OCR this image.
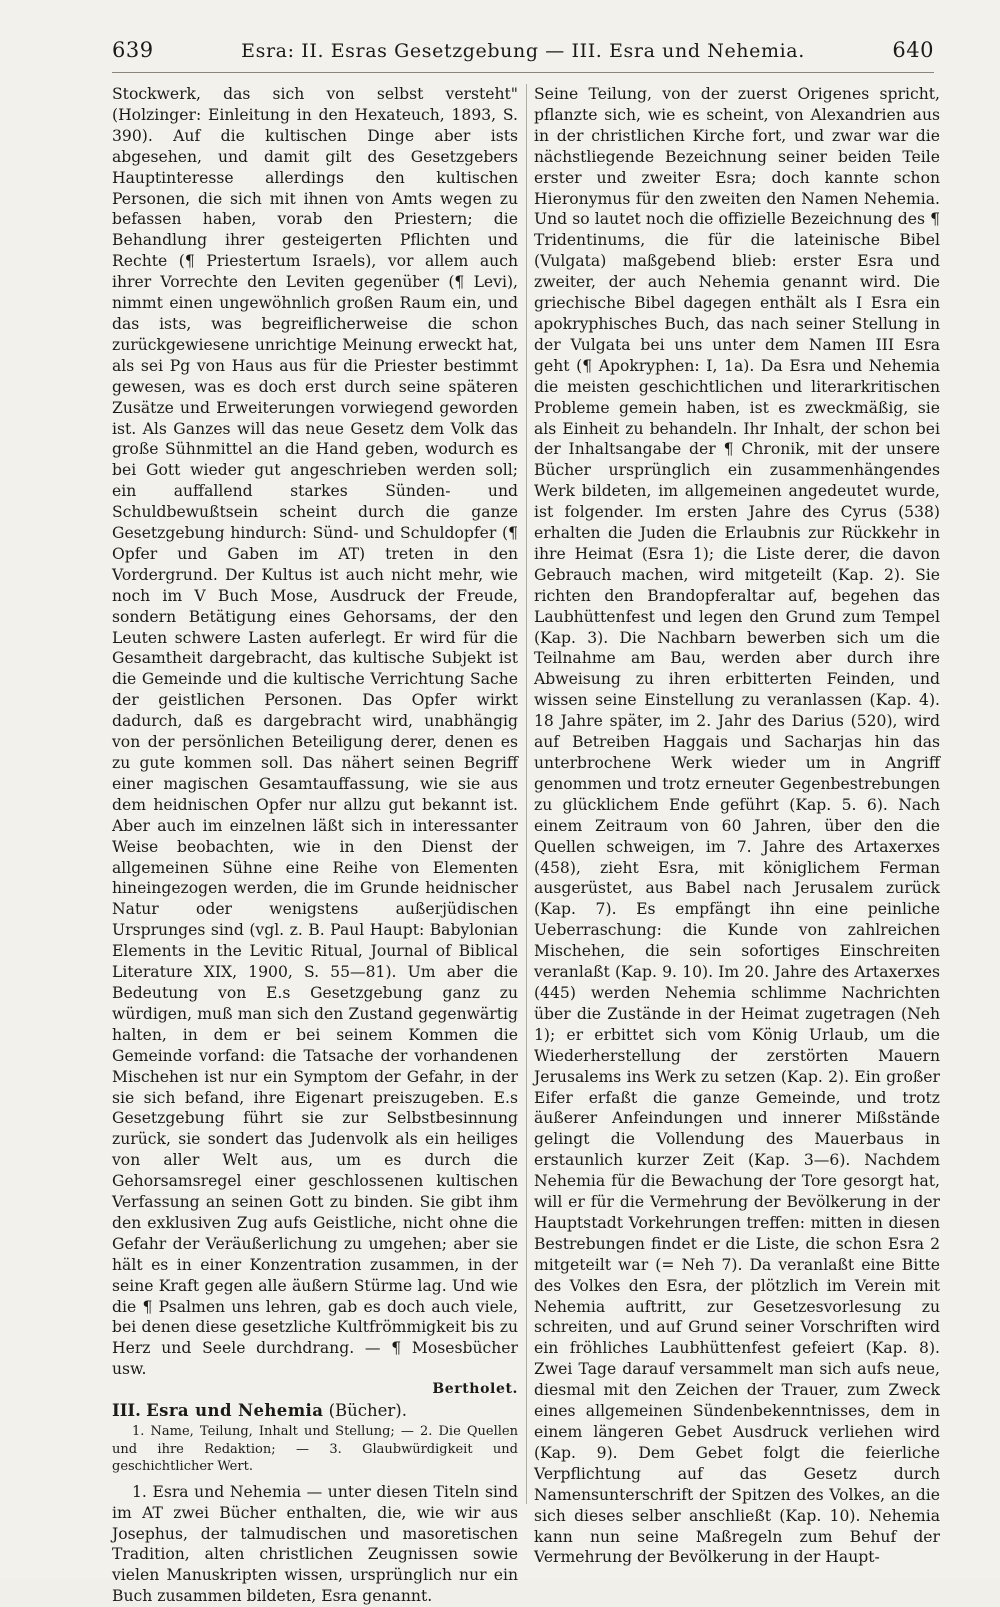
639	Esra: II. Esras Gesetzgebung — III. Esra und Nehemia.	640

Stockwerk, das sich von selbst versteht" (Holzinger: Einleitung in den Hexateuch, 1893, S. 390). Auf die kultischen Dinge aber ists abgesehen, und damit gilt des Gesetzgebers Hauptinteresse allerdings den kultischen Personen, die sich mit ihnen von Amts wegen zu befassen haben, vorab den Priestern; die Behandlung ihrer gesteigerten Pflichten und Rechte (¶ Priestertum Israels), vor allem auch ihrer Vorrechte den Leviten gegenüber (¶ Levi), nimmt einen ungewöhnlich großen Raum ein, und das ists, was begreiflicherweise die schon zurückgewiesene unrichtige Meinung erweckt hat, als sei Pg von Haus aus für die Priester bestimmt gewesen, was es doch erst durch seine späteren Zusätze und Erweiterungen vorwiegend geworden ist. Als Ganzes will das neue Gesetz dem Volk das große Sühnmittel an die Hand geben, wodurch es bei Gott wieder gut angeschrieben werden soll; ein auffallend starkes Sünden- und Schuldbewußtsein scheint durch die ganze Gesetzgebung hindurch: Sünd- und Schuldopfer (¶ Opfer und Gaben im AT) treten in den Vordergrund. Der Kultus ist auch nicht mehr, wie noch im V Buch Mose, Ausdruck der Freude, sondern Betätigung eines Gehorsams, der den Leuten schwere Lasten auferlegt. Er wird für die Gesamtheit dargebracht, das kultische Subjekt ist die Gemeinde und die kultische Verrichtung Sache der geistlichen Personen. Das Opfer wirkt dadurch, daß es dargebracht wird, unabhängig von der persönlichen Beteiligung derer, denen es zu gute kommen soll. Das nähert seinen Begriff einer magischen Gesamtauffassung, wie sie aus dem heidnischen Opfer nur allzu gut bekannt ist. Aber auch im einzelnen läßt sich in interessanter Weise beobachten, wie in den Dienst der allgemeinen Sühne eine Reihe von Elementen hineingezogen werden, die im Grunde heidnischer Natur oder wenigstens außerjüdischen Ursprunges sind (vgl. z. B. Paul Haupt: Babylonian Elements in the Levitic Ritual, Journal of Biblical Literature XIX, 1900, S. 55—81). Um aber die Bedeutung von E.s Gesetzgebung ganz zu würdigen, muß man sich den Zustand gegenwärtig halten, in dem er bei seinem Kommen die Gemeinde vorfand: die Tatsache der vorhandenen Mischehen ist nur ein Symptom der Gefahr, in der sie sich befand, ihre Eigenart preiszugeben. E.s Gesetzgebung führt sie zur Selbstbesinnung zurück, sie sondert das Judenvolk als ein heiliges von aller Welt aus, um es durch die Gehorsamsregel einer geschlossenen kultischen Verfassung an seinen Gott zu binden. Sie gibt ihm den exklusiven Zug aufs Geistliche, nicht ohne die Gefahr der Veräußerlichung zu umgehen; aber sie hält es in einer Konzentration zusammen, in der seine Kraft gegen alle äußern Stürme lag. Und wie die ¶ Psalmen uns lehren, gab es doch auch viele, bei denen diese gesetzliche Kultfrömmigkeit bis zu Herz und Seele durchdrang. — ¶ Mosesbücher usw.

Bertholet.

III. Esra und Nehemia (Bücher).

1. Name, Teilung, Inhalt und Stellung; — 2. Die Quellen und ihre Redaktion; — 3. Glaubwürdigkeit und geschichtlicher Wert.

1. Esra und Nehemia — unter diesen Titeln sind im AT zwei Bücher enthalten, die, wie wir aus Josephus, der talmudischen und masoretischen Tradition, alten christlichen Zeugnissen sowie vielen Manuskripten wissen, ursprünglich nur ein Buch zusammen bildeten, Esra genannt.

Seine Teilung, von der zuerst Origenes spricht, pflanzte sich, wie es scheint, von Alexandrien aus in der christlichen Kirche fort, und zwar war die nächstliegende Bezeichnung seiner beiden Teile erster und zweiter Esra; doch kannte schon Hieronymus für den zweiten den Namen Nehemia. Und so lautet noch die offizielle Bezeichnung des ¶ Tridentinums, die für die lateinische Bibel (Vulgata) maßgebend blieb: erster Esra und zweiter, der auch Nehemia genannt wird. Die griechische Bibel dagegen enthält als I Esra ein apokryphisches Buch, das nach seiner Stellung in der Vulgata bei uns unter dem Namen III Esra geht (¶ Apokryphen: I, 1a). Da Esra und Nehemia die meisten geschichtlichen und literarkritischen Probleme gemein haben, ist es zweckmäßig, sie als Einheit zu behandeln. Ihr Inhalt, der schon bei der Inhaltsangabe der ¶ Chronik, mit der unsere Bücher ursprünglich ein zusammenhängendes Werk bildeten, im allgemeinen angedeutet wurde, ist folgender. Im ersten Jahre des Cyrus (538) erhalten die Juden die Erlaubnis zur Rückkehr in ihre Heimat (Esra 1); die Liste derer, die davon Gebrauch machen, wird mitgeteilt (Kap. 2). Sie richten den Brandopferaltar auf, begehen das Laubhüttenfest und legen den Grund zum Tempel (Kap. 3). Die Nachbarn bewerben sich um die Teilnahme am Bau, werden aber durch ihre Abweisung zu ihren erbitterten Feinden, und wissen seine Einstellung zu veranlassen (Kap. 4). 18 Jahre später, im 2. Jahr des Darius (520), wird auf Betreiben Haggais und Sacharjas hin das unterbrochene Werk wieder um in Angriff genommen und trotz erneuter Gegenbestrebungen zu glücklichem Ende geführt (Kap. 5. 6). Nach einem Zeitraum von 60 Jahren, über den die Quellen schweigen, im 7. Jahre des Artaxerxes (458), zieht Esra, mit königlichem Ferman ausgerüstet, aus Babel nach Jerusalem zurück (Kap. 7). Es empfängt ihn eine peinliche Ueberraschung: die Kunde von zahlreichen Mischehen, die sein sofortiges Einschreiten veranlaßt (Kap. 9. 10). Im 20. Jahre des Artaxerxes (445) werden Nehemia schlimme Nachrichten über die Zustände in der Heimat zugetragen (Neh 1); er erbittet sich vom König Urlaub, um die Wiederherstellung der zerstörten Mauern Jerusalems ins Werk zu setzen (Kap. 2). Ein großer Eifer erfaßt die ganze Gemeinde, und trotz äußerer Anfeindungen und innerer Mißstände gelingt die Vollendung des Mauerbaus in erstaunlich kurzer Zeit (Kap. 3—6). Nachdem Nehemia für die Bewachung der Tore gesorgt hat, will er für die Vermehrung der Bevölkerung in der Hauptstadt Vorkehrungen treffen: mitten in diesen Bestrebungen findet er die Liste, die schon Esra 2 mitgeteilt war (= Neh 7). Da veranlaßt eine Bitte des Volkes den Esra, der plötzlich im Verein mit Nehemia auftritt, zur Gesetzesvorlesung zu schreiten, und auf Grund seiner Vorschriften wird ein fröhliches Laubhüttenfest gefeiert (Kap. 8). Zwei Tage darauf versammelt man sich aufs neue, diesmal mit den Zeichen der Trauer, zum Zweck eines allgemeinen Sündenbekenntnisses, dem in einem längeren Gebet Ausdruck verliehen wird (Kap. 9). Dem Gebet folgt die feierliche Verpflichtung auf das Gesetz durch Namensunterschrift der Spitzen des Volkes, an die sich dieses selber anschließt (Kap. 10). Nehemia kann nun seine Maßregeln zum Behuf der Vermehrung der Bevölkerung in der Haupt-
